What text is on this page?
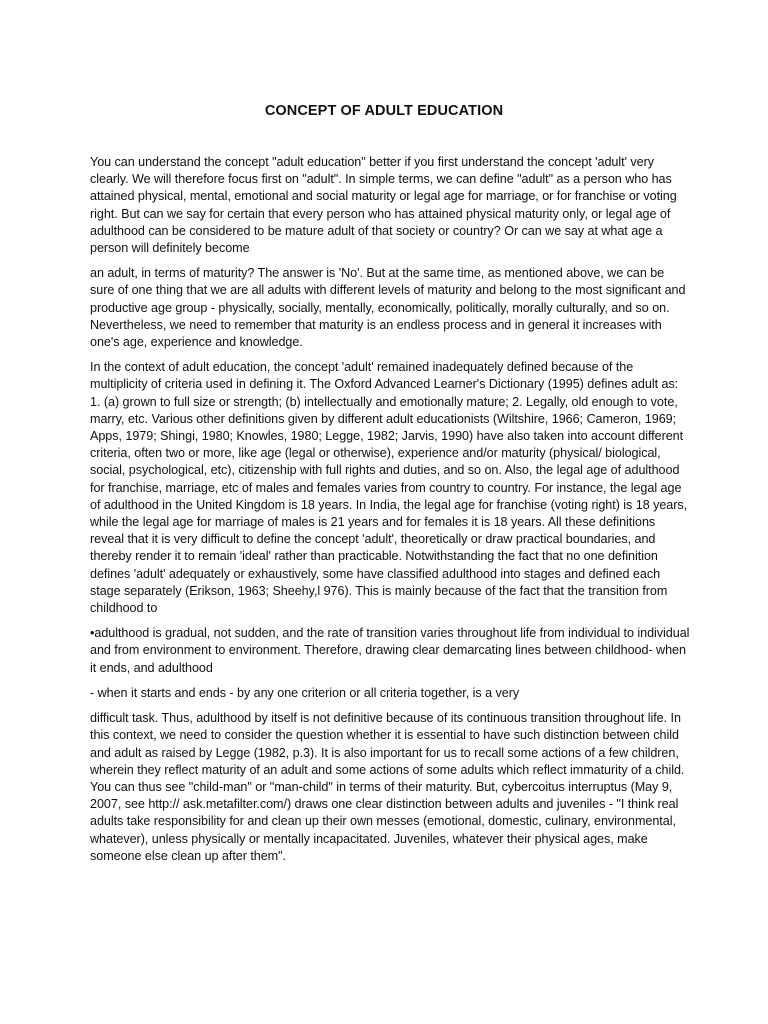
CONCEPT OF ADULT EDUCATION

You can understand the concept "adult education" better if you first understand the concept 'adult' very clearly. We will therefore focus first on "adult". In simple terms, we can define "adult" as a person who has attained physical, mental, emotional and social maturity or legal age for marriage, or for franchise or voting right. But can we say for certain that every person who has attained physical maturity only, or legal age of adulthood can be considered to be mature adult of that society or country? Or can we say at what age a person will definitely become

an adult, in terms of maturity? The answer is 'No'. But at the same time, as mentioned above, we can be sure of one thing that we are all adults with different levels of maturity and belong to the most significant and productive age group - physically, socially, mentally, economically, politically, morally culturally, and so on. Nevertheless, we need to remember that maturity is an endless process and in general it increases with one's age, experience and knowledge.

In the context of adult education, the concept 'adult' remained inadequately defined because of the multiplicity of criteria used in defining it. The Oxford Advanced Learner's Dictionary (1995) defines adult as: 1. (a) grown to full size or strength; (b) intellectually and emotionally mature; 2. Legally, old enough to vote, marry, etc. Various other definitions given by different adult educationists (Wiltshire, 1966; Cameron, 1969; Apps, 1979; Shingi, 1980; Knowles, 1980; Legge, 1982; Jarvis, 1990) have also taken into account different criteria, often two or more, like age (legal or otherwise), experience and/or maturity (physical/ biological, social, psychological, etc), citizenship with full rights and duties, and so on. Also, the legal age of adulthood for franchise, marriage, etc of males and females varies from country to country. For instance, the legal age of adulthood in the United Kingdom is 18 years. In India, the legal age for franchise (voting right) is 18 years, while the legal age for marriage of males is 21 years and for females it is 18 years. All these definitions reveal that it is very difficult to define the concept 'adult', theoretically or draw practical boundaries, and thereby render it to remain 'ideal' rather than practicable. Notwithstanding the fact that no one definition defines 'adult' adequately or exhaustively, some have classified adulthood into stages and defined each stage separately (Erikson, 1963; Sheehy,l 976). This is mainly because of the fact that the transition from childhood to

•adulthood is gradual, not sudden, and the rate of transition varies throughout life from individual to individual and from environment to environment. Therefore, drawing clear demarcating lines between childhood- when it ends, and adulthood

- when it starts and ends - by any one criterion or all criteria together, is a very

difficult task. Thus, adulthood by itself is not definitive because of its continuous transition throughout life. In this context, we need to consider the question whether it is essential to have such distinction between child and adult as raised by Legge (1982, p.3). It is also important for us to recall some actions of a few children, wherein they reflect maturity of an adult and some actions of some adults which reflect immaturity of a child. You can thus see "child-man" or "man-child" in terms of their maturity. But, cybercoitus interruptus (May 9, 2007, see http:// ask.metafilter.com/) draws one clear distinction between adults and juveniles - "I think real adults take responsibility for and clean up their own messes (emotional, domestic, culinary, environmental, whatever), unless physically or mentally incapacitated. Juveniles, whatever their physical ages, make someone else clean up after them".
